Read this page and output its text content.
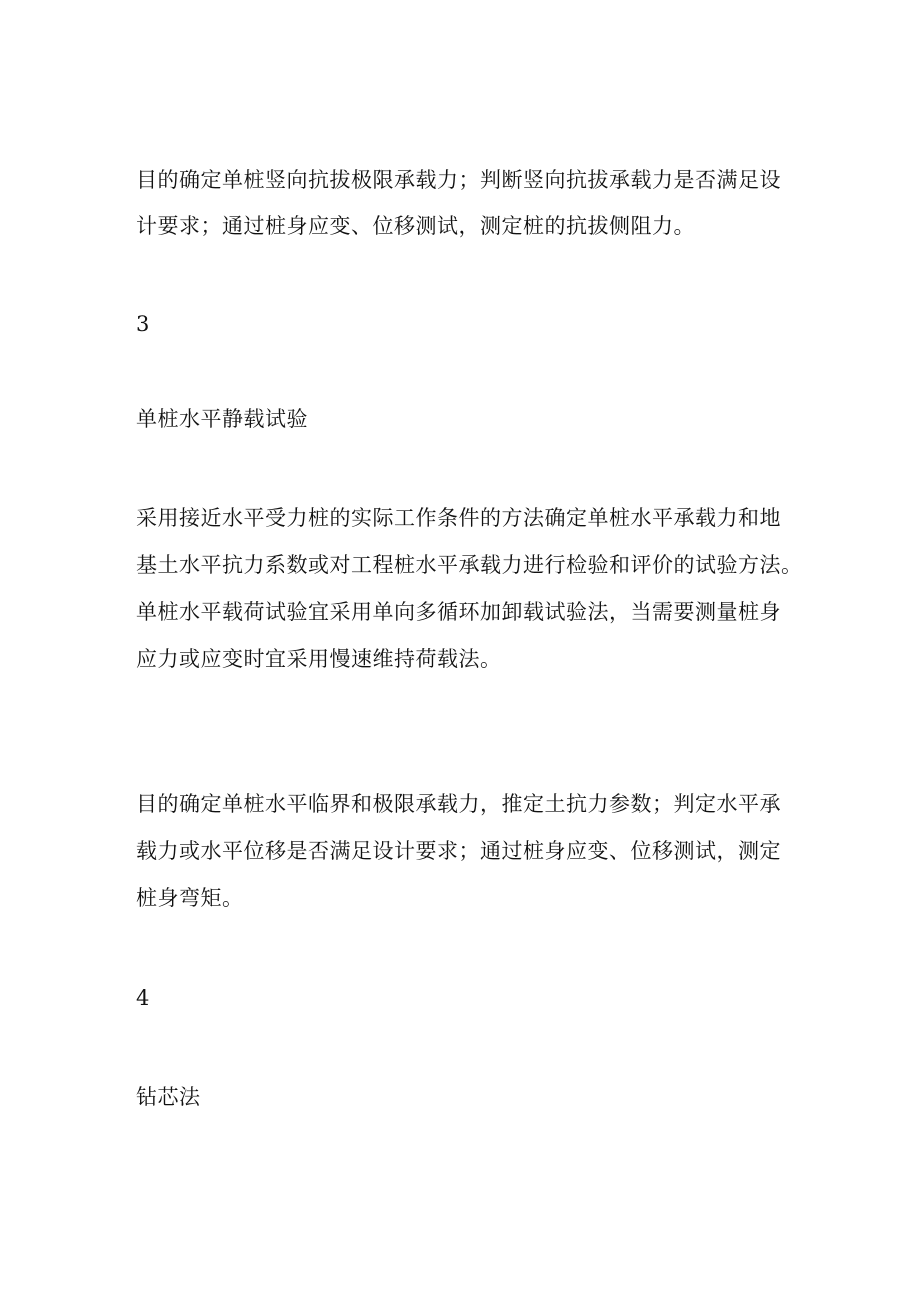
目的确定单桩竖向抗拔极限承载力；判断竖向抗拔承载力是否满足设
计要求；通过桩身应变、位移测试，测定桩的抗拔侧阻力。
3
单桩水平静载试验
采用接近水平受力桩的实际工作条件的方法确定单桩水平承载力和地
基土水平抗力系数或对工程桩水平承载力进行检验和评价的试验方法。
单桩水平载荷试验宜采用单向多循环加卸载试验法，当需要测量桩身
应力或应变时宜采用慢速维持荷载法。
目的确定单桩水平临界和极限承载力，推定土抗力参数；判定水平承
载力或水平位移是否满足设计要求；通过桩身应变、位移测试，测定
桩身弯矩。
4
钻芯法
